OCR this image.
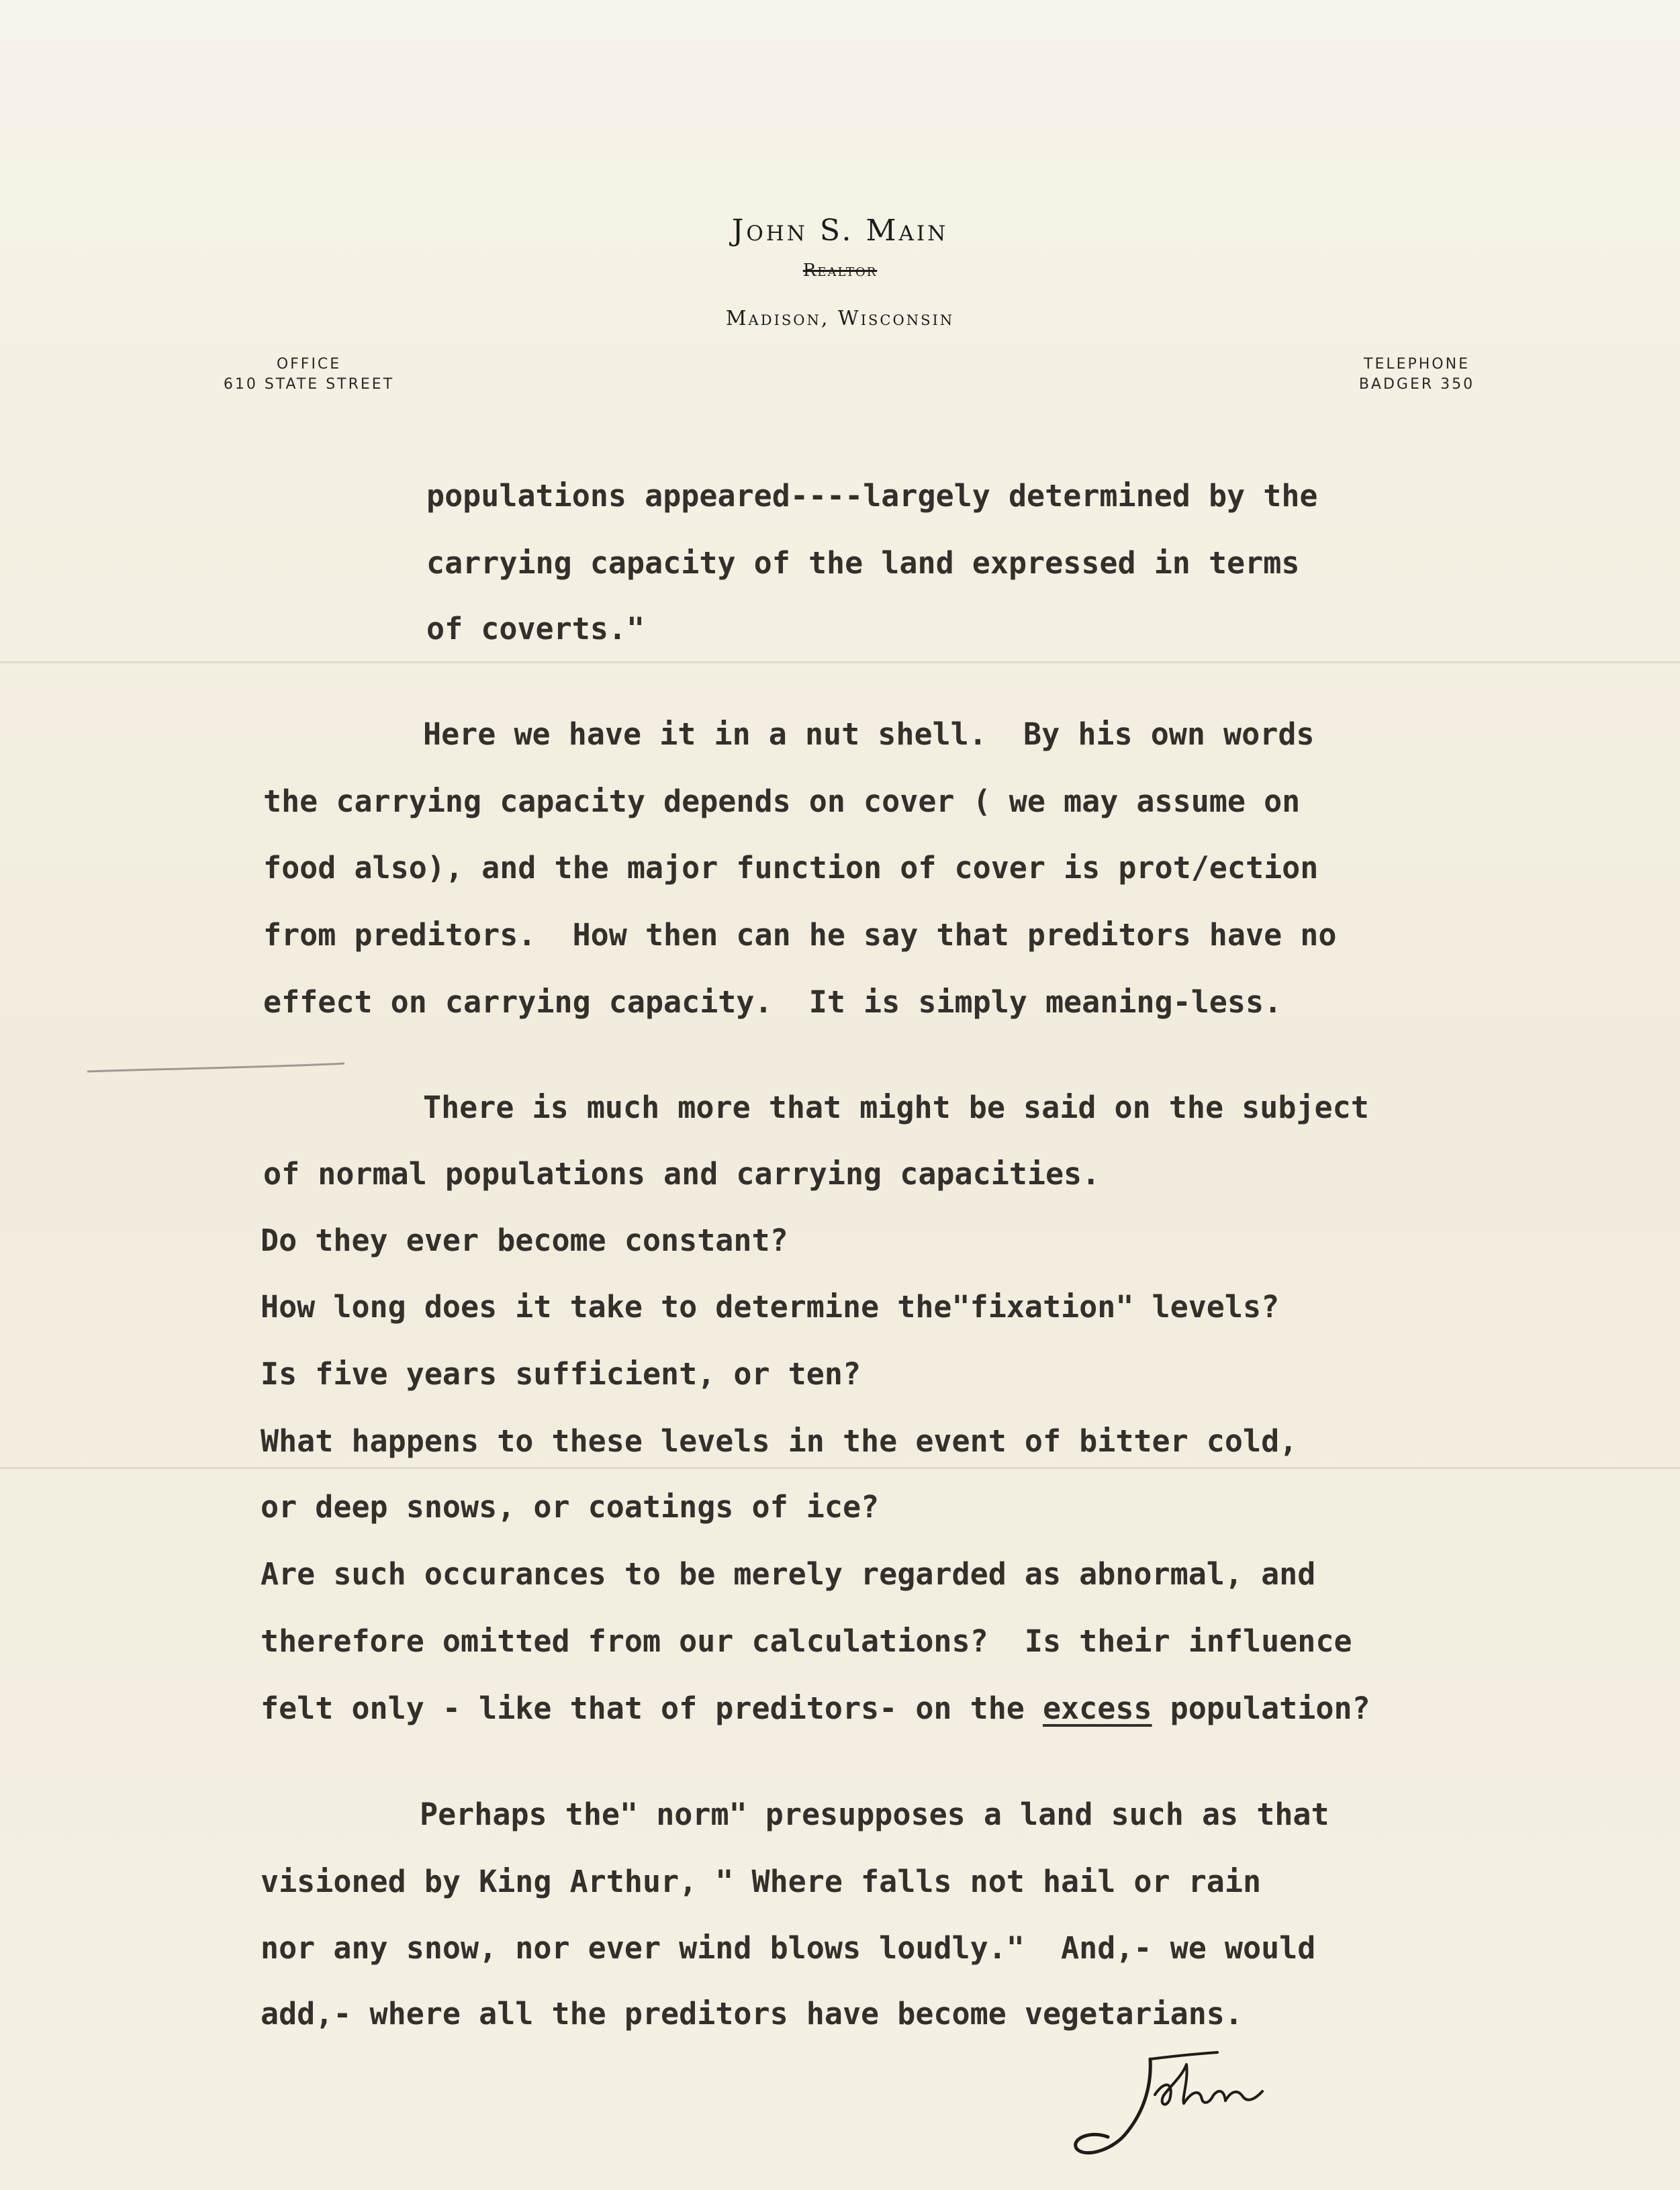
John S. Main
Realtor
Madison, Wisconsin
OFFICE
610 STATE STREET
TELEPHONE
BADGER 350
populations appeared----largely determined by the
carrying capacity of the land expressed in terms
of coverts."
Here we have it in a nut shell.  By his own words
the carrying capacity depends on cover ( we may assume on
food also), and the major function of cover is prot/ection
from preditors.  How then can he say that preditors have no
effect on carrying capacity.  It is simply meaning-less.
There is much more that might be said on the subject
of normal populations and carrying capacities.
Do they ever become constant?
How long does it take to determine the"fixation" levels?
Is five years sufficient, or ten?
What happens to these levels in the event of bitter cold,
or deep snows, or coatings of ice?
Are such occurances to be merely regarded as abnormal, and
therefore omitted from our calculations?  Is their influence
felt only - like that of preditors- on the excess population?
Perhaps the" norm" presupposes a land such as that
visioned by King Arthur, " Where falls not hail or rain
nor any snow, nor ever wind blows loudly."  And,- we would
add,- where all the preditors have become vegetarians.
